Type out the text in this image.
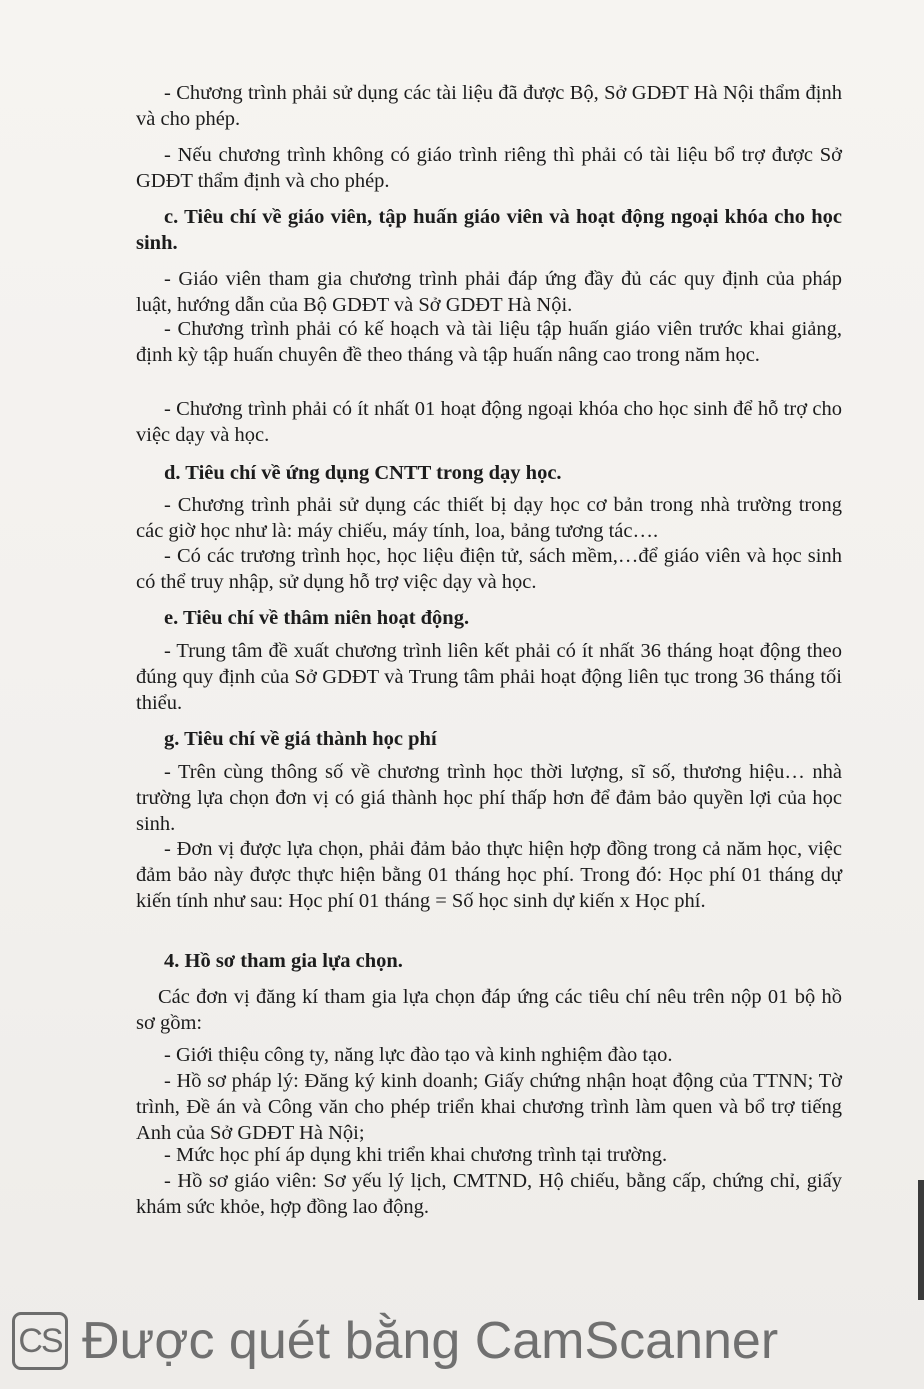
- Chương trình phải sử dụng các tài liệu đã được Bộ, Sở GDĐT Hà Nội thẩm định và cho phép.

- Nếu chương trình không có giáo trình riêng thì phải có tài liệu bổ trợ được Sở GDĐT thẩm định và cho phép.

c. Tiêu chí về giáo viên, tập huấn giáo viên và hoạt động ngoại khóa cho học sinh.

- Giáo viên tham gia chương trình phải đáp ứng đầy đủ các quy định của pháp luật, hướng dẫn của Bộ GDĐT và Sở GDĐT Hà Nội.

- Chương trình phải có kế hoạch và tài liệu tập huấn giáo viên trước khai giảng, định kỳ tập huấn chuyên đề theo tháng và tập huấn nâng cao trong năm học.

- Chương trình phải có ít nhất 01 hoạt động ngoại khóa cho học sinh để hỗ trợ cho việc dạy và học.

d. Tiêu chí về ứng dụng CNTT trong dạy học.

- Chương trình phải sử dụng các thiết bị dạy học cơ bản trong nhà trường trong các giờ học như là: máy chiếu, máy tính, loa, bảng tương tác….

- Có các trương trình học, học liệu điện tử, sách mềm,…để giáo viên và học sinh có thể truy nhập, sử dụng hỗ trợ việc dạy và học.

e. Tiêu chí về thâm niên hoạt động.

- Trung tâm đề xuất chương trình liên kết phải có ít nhất 36 tháng hoạt động theo đúng quy định của Sở GDĐT và Trung tâm phải hoạt động liên tục trong 36 tháng tối thiểu.

g. Tiêu chí về giá thành học phí

- Trên cùng thông số về chương trình học thời lượng, sĩ số, thương hiệu… nhà trường lựa chọn đơn vị có giá thành học phí thấp hơn để đảm bảo quyền lợi của học sinh.

- Đơn vị được lựa chọn, phải đảm bảo thực hiện hợp đồng trong cả năm học, việc đảm bảo này được thực hiện bằng 01 tháng học phí. Trong đó: Học phí 01 tháng dự kiến tính như sau: Học phí 01 tháng = Số học sinh dự kiến x Học phí.

4. Hồ sơ tham gia lựa chọn.

Các đơn vị đăng kí tham gia lựa chọn đáp ứng các tiêu chí nêu trên nộp 01 bộ hồ sơ gồm:

- Giới thiệu công ty, năng lực đào tạo và kinh nghiệm đào tạo.

- Hồ sơ pháp lý: Đăng ký kinh doanh; Giấy chứng nhận hoạt động của TTNN; Tờ trình, Đề án và Công văn cho phép triển khai chương trình làm quen và bổ trợ tiếng Anh của Sở GDĐT Hà Nội;

- Mức học phí áp dụng khi triển khai chương trình tại trường.

- Hồ sơ giáo viên: Sơ yếu lý lịch, CMTND, Hộ chiếu, bằng cấp, chứng chỉ, giấy khám sức khỏe, hợp đồng lao động.

CS Được quét bằng CamScanner
